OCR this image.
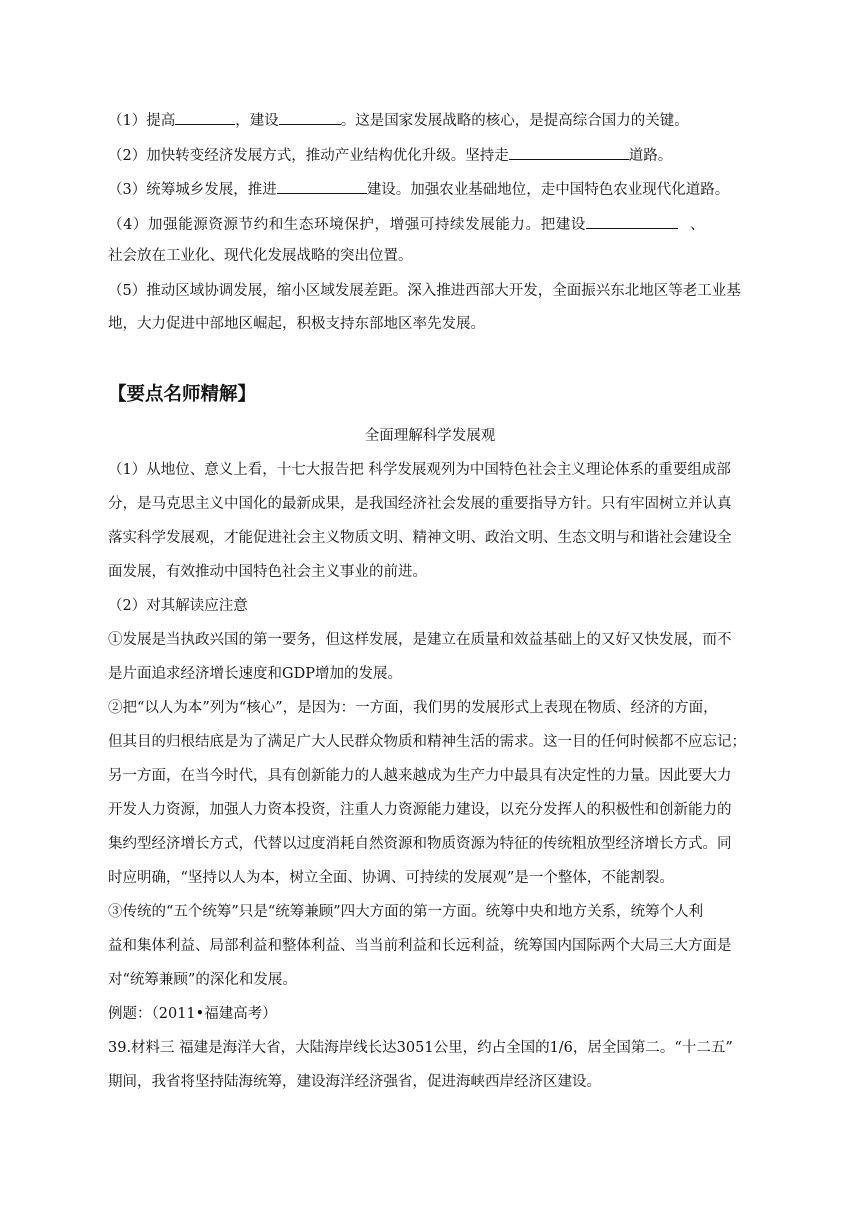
（1）提高	，建设	。这是国家发展战略的核心，是提高综合国力的关键。
（2）加快转变经济发展方式，推动产业结构优化升级。坚持走	道路。
（3）统筹城乡发展，推进	建设。加强农业基础地位，走中国特色农业现代化道路。
（4）加强能源资源节约和生态环境保护，增强可持续发展能力。把建设	、
社会放在工业化、现代化发展战略的突出位置。
（5）推动区域协调发展，缩小区域发展差距。深入推进西部大开发，全面振兴东北地区等老工业基
地，大力促进中部地区崛起，积极支持东部地区率先发展。
【要点名师精解】
全面理解科学发展观
（1）从地位、意义上看，十七大报告把 科学发展观列为中国特色社会主义理论体系的重要组成部
分，是马克思主义中国化的最新成果，是我国经济社会发展的重要指导方针。只有牢固树立并认真
落实科学发展观，才能促进社会主义物质文明、精神文明、政治文明、生态文明与和谐社会建设全
面发展，有效推动中国特色社会主义事业的前进。
（2）对其解读应注意
①发展是当执政兴国的第一要务，但这样发展，是建立在质量和效益基础上的又好又快发展，而不
是片面追求经济增长速度和GDP增加的发展。
②把“以人为本”列为“核心”，是因为：一方面，我们男的发展形式上表现在物质、经济的方面，
但其目的归根结底是为了满足广大人民群众物质和精神生活的需求。这一目的任何时候都不应忘记；
另一方面，在当今时代，具有创新能力的人越来越成为生产力中最具有决定性的力量。因此要大力
开发人力资源，加强人力资本投资，注重人力资源能力建设，以充分发挥人的积极性和创新能力的
集约型经济增长方式，代替以过度消耗自然资源和物质资源为特征的传统粗放型经济增长方式。同
时应明确，“坚持以人为本，树立全面、协调、可持续的发展观”是一个整体，不能割裂。
③传统的“五个统筹”只是“统筹兼顾”四大方面的第一方面。统筹中央和地方关系，统筹个人利
益和集体利益、局部利益和整体利益、当当前利益和长远利益，统筹国内国际两个大局三大方面是
对“统筹兼顾”的深化和发展。
例题：（2011•福建高考）
39.材料三 福建是海洋大省，大陆海岸线长达3051公里，约占全国的1/6，居全国第二。“十二五”
期间，我省将坚持陆海统筹，建设海洋经济强省，促进海峡西岸经济区建设。
